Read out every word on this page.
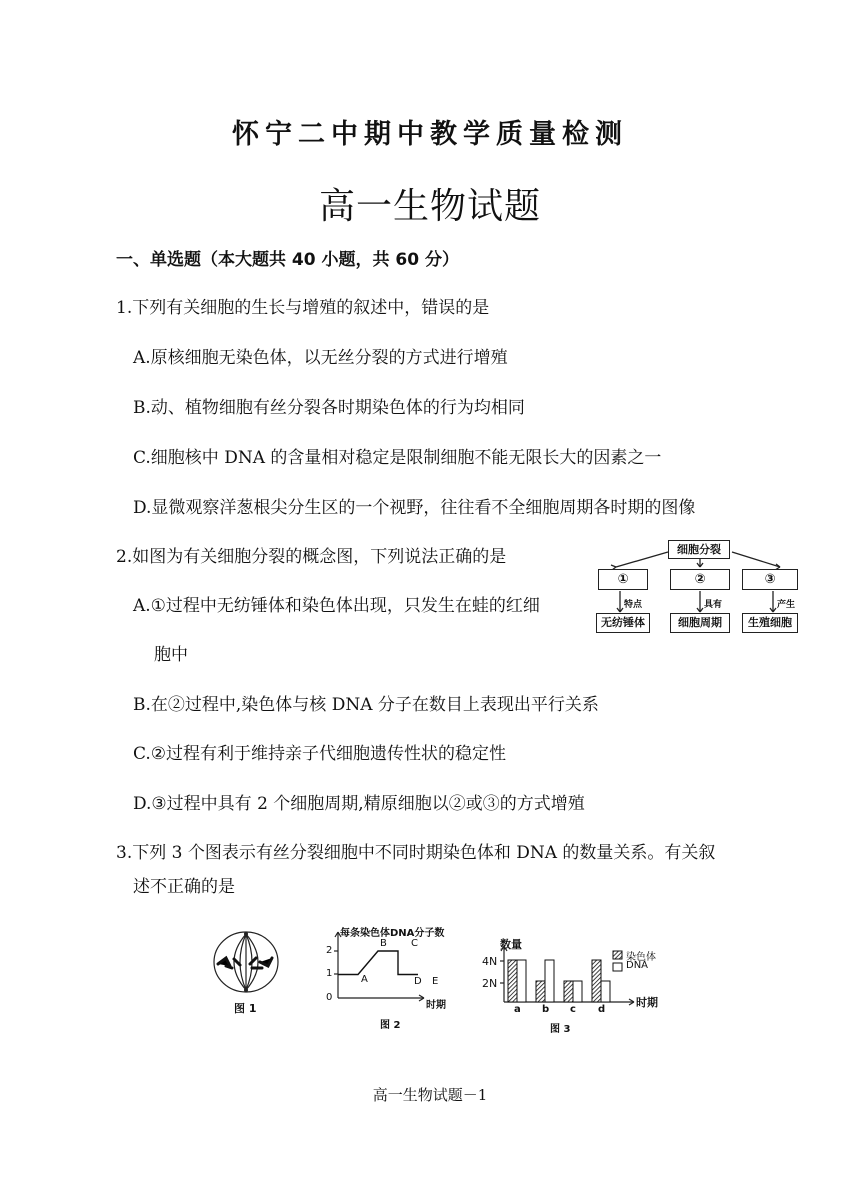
怀宁二中期中教学质量检测
高一生物试题
一、单选题（本大题共 40 小题，共 60 分）
1.下列有关细胞的生长与增殖的叙述中，错误的是
A.原核细胞无染色体，以无丝分裂的方式进行增殖
B.动、植物细胞有丝分裂各时期染色体的行为均相同
C.细胞核中 DNA 的含量相对稳定是限制细胞不能无限长大的因素之一
D.显微观察洋葱根尖分生区的一个视野，往往看不全细胞周期各时期的图像
2.如图为有关细胞分裂的概念图，下列说法正确的是
A.①过程中无纺锤体和染色体出现，只发生在蛙的红细
胞中
B.在②过程中,染色体与核 DNA 分子在数目上表现出平行关系
C.②过程有利于维持亲子代细胞遗传性状的稳定性
D.③过程中具有 2 个细胞周期,精原细胞以②或③的方式增殖
细胞分裂
①	②	③
特点	具有	产生
无纺锤体	细胞周期	生殖细胞
3.下列 3 个图表示有丝分裂细胞中不同时期染色体和 DNA 的数量关系。有关叙
述不正确的是
图 1
每条染色体DNA分子数
0
1
2
A
B C
D E
时期
图 2
数量
2N
4N	染色体
DNA
a b c d
时期
图 3
高一生物试题－1
